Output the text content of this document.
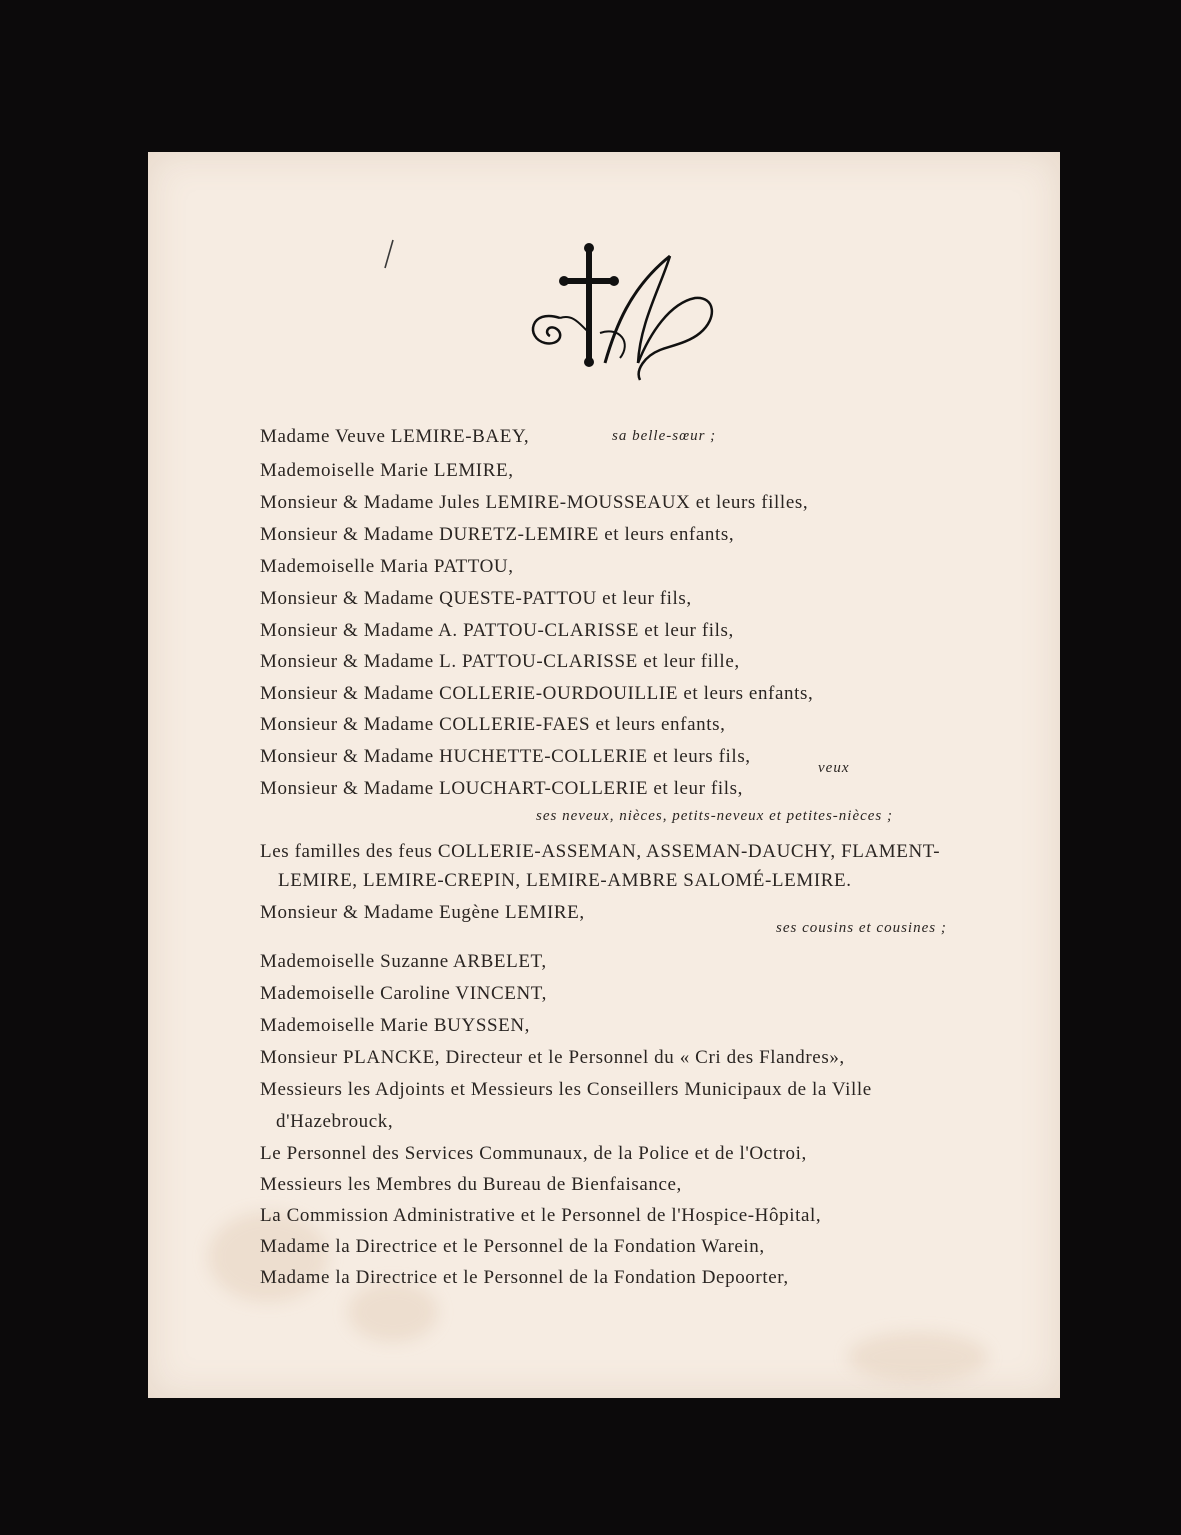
Madame Veuve LEMIRE-BAEY,
Mademoiselle Marie LEMIRE,
Monsieur & Madame Jules LEMIRE-MOUSSEAUX et leurs filles,
Monsieur & Madame DURETZ-LEMIRE et leurs enfants,
Mademoiselle Maria PATTOU,
Monsieur & Madame QUESTE-PATTOU et leur fils,
Monsieur & Madame A. PATTOU-CLARISSE et leur fils,
Monsieur & Madame L. PATTOU-CLARISSE et leur fille,
Monsieur & Madame COLLERIE-OURDOUILLIE et leurs enfants,
Monsieur & Madame COLLERIE-FAES et leurs enfants,
Monsieur & Madame HUCHETTE-COLLERIE et leurs fils,
Monsieur & Madame LOUCHART-COLLERIE et leur fils,
Les familles des feus COLLERIE-ASSEMAN, ASSEMAN-DAUCHY, FLAMENT-
LEMIRE, LEMIRE-CREPIN, LEMIRE-AMBRE SALOMÉ-LEMIRE.
Monsieur & Madame Eugène LEMIRE,
Mademoiselle Suzanne ARBELET,
Mademoiselle Caroline VINCENT,
Mademoiselle Marie BUYSSEN,
Monsieur PLANCKE, Directeur et le Personnel du « Cri des Flandres»,
Messieurs les Adjoints et Messieurs les Conseillers Municipaux de la Ville
d'Hazebrouck,
Le Personnel des Services Communaux, de la Police et de l'Octroi,
Messieurs les Membres du Bureau de Bienfaisance,
La Commission Administrative et le Personnel de l'Hospice-Hôpital,
Madame la Directrice et le Personnel de la Fondation Warein,
Madame la Directrice et le Personnel de la Fondation Depoorter,
sa belle-sœur ;
veux
ses neveux, nièces, petits-neveux et petites-nièces ;
ses cousins et cousines ;
